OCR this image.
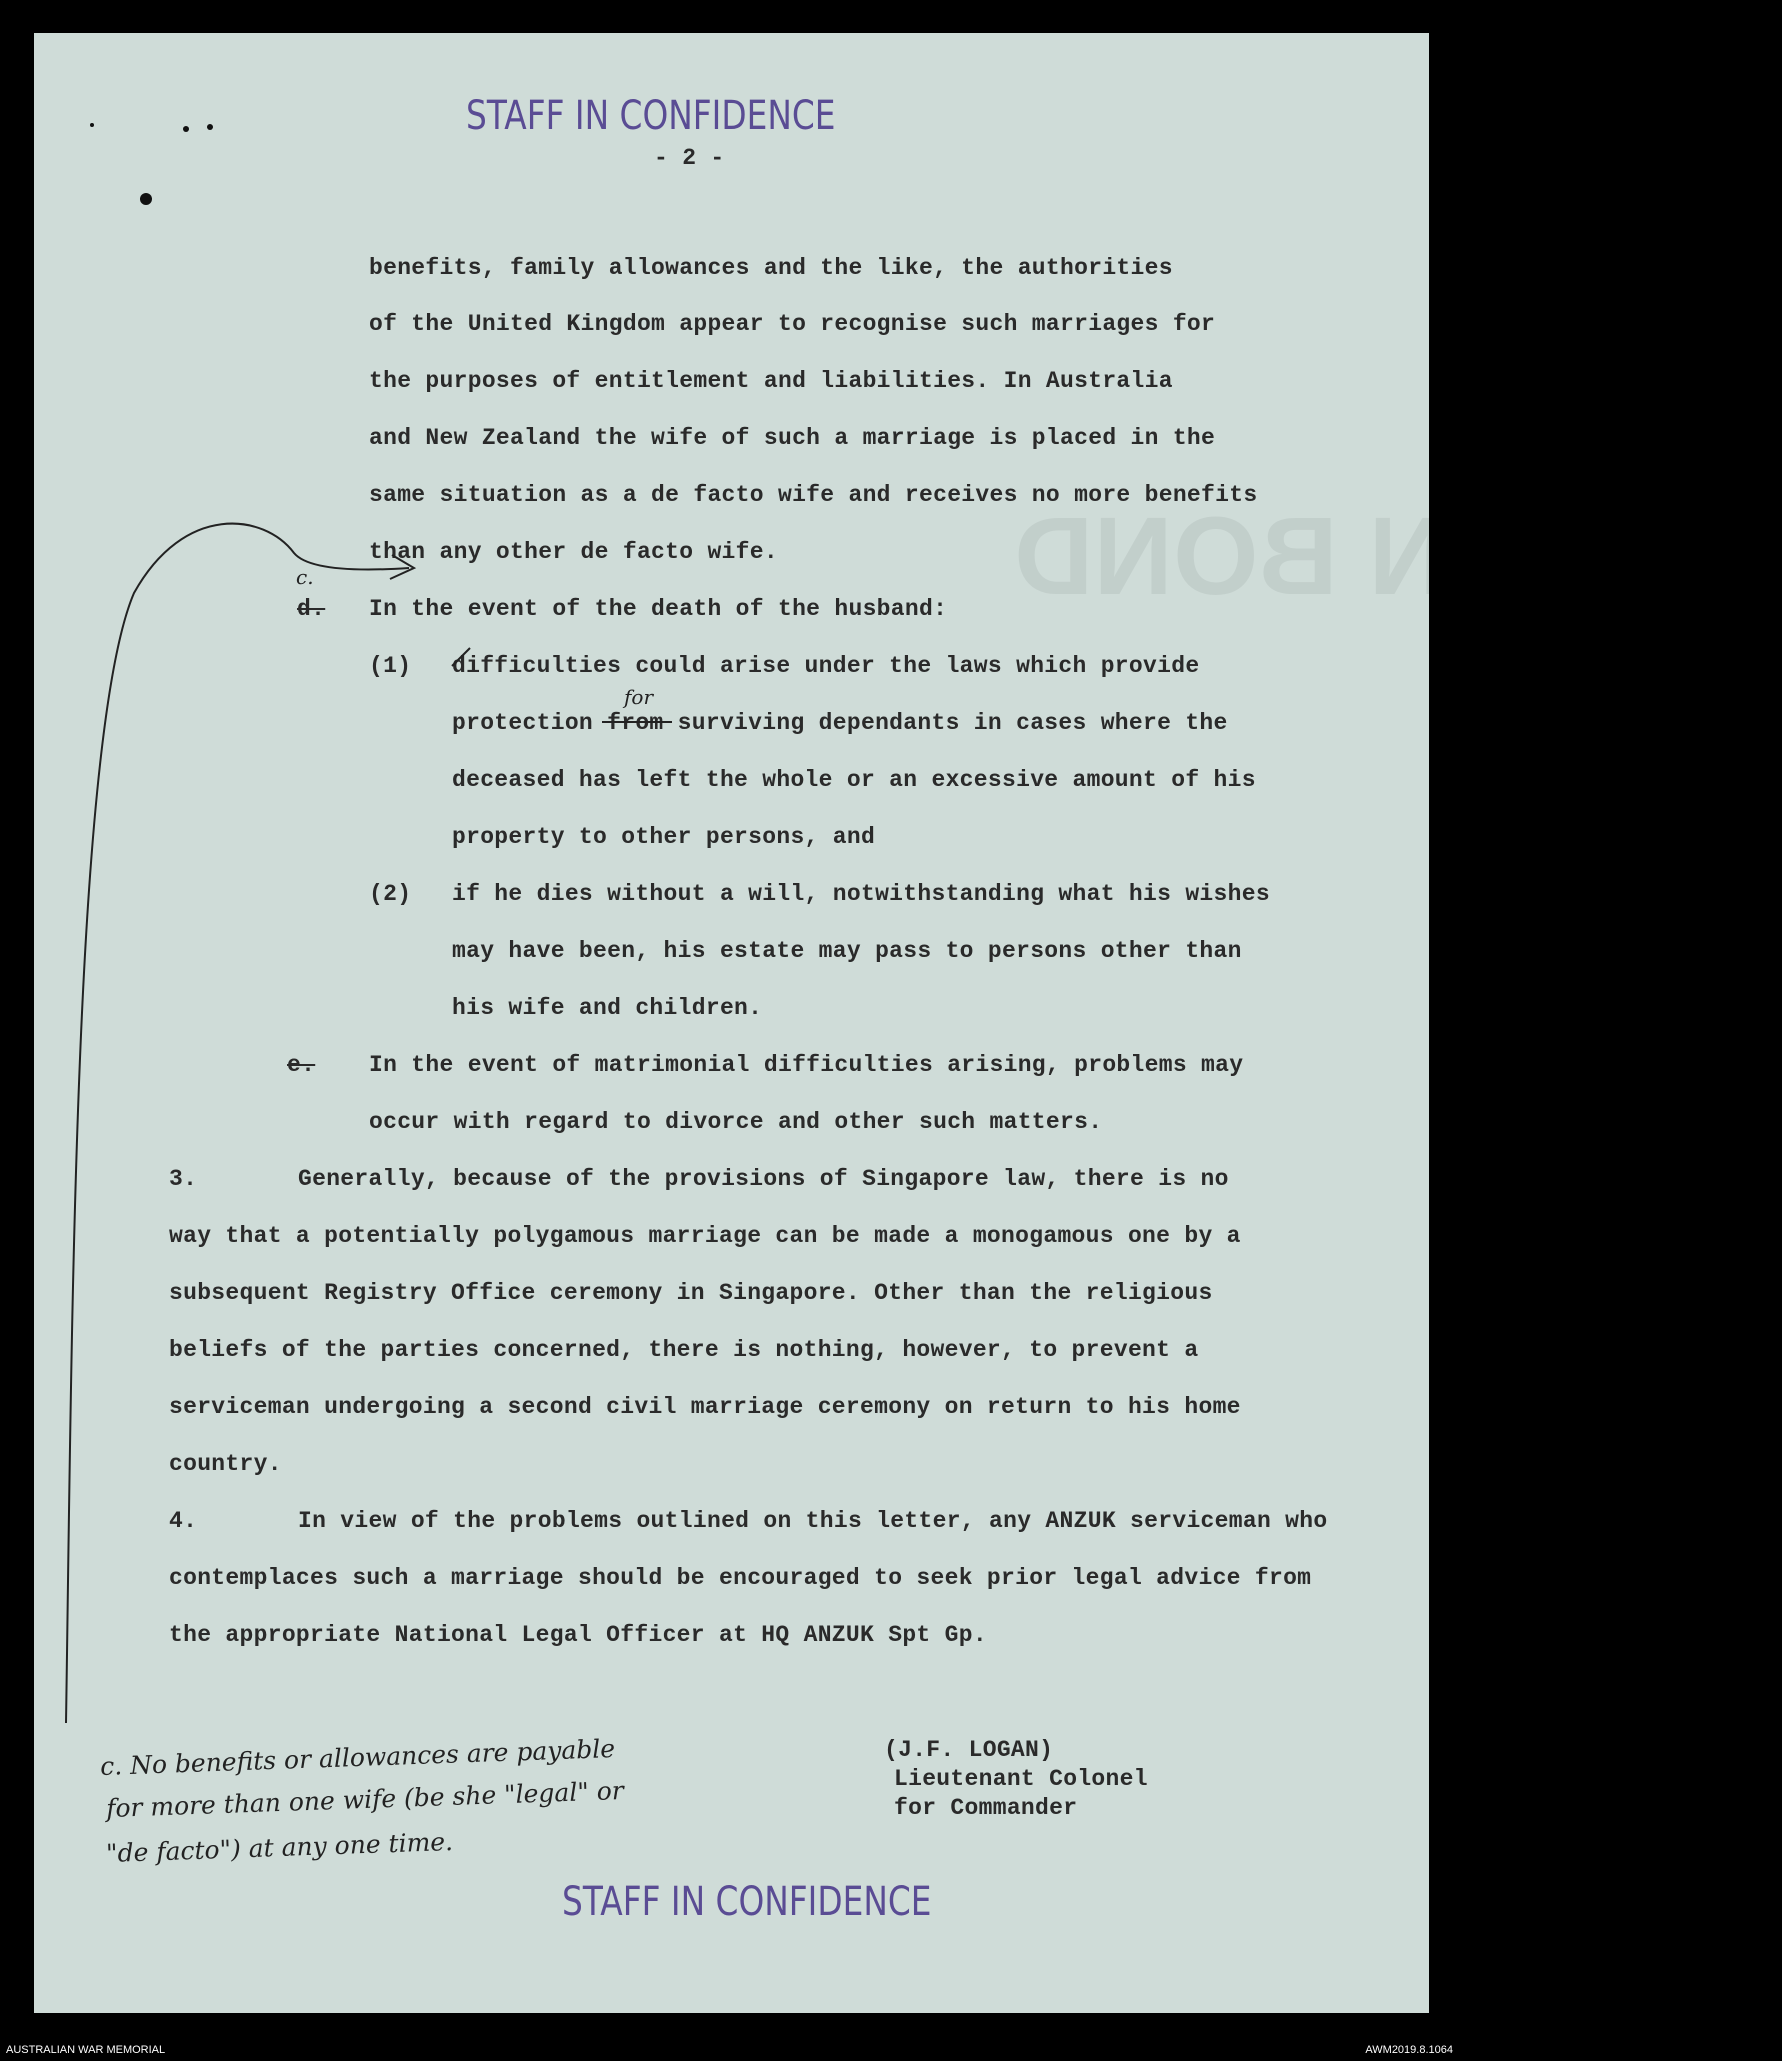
RATION BOND
STAFF IN CONFIDENCE
- 2 -
benefits, family allowances and the like, the authorities
of the United Kingdom appear to recognise such marriages for
the purposes of entitlement and liabilities. In Australia
and New Zealand the wife of such a marriage is placed in the
same situation as a de facto wife and receives no more benefits
than any other de facto wife.
c.
d. In the event of the death of the husband:
(1) difficulties could arise under the laws which provide
for
protection from surviving dependants in cases where the
deceased has left the whole or an excessive amount of his
property to other persons, and
(2) if he dies without a will, notwithstanding what his wishes
may have been, his estate may pass to persons other than
his wife and children.
e. In the event of matrimonial difficulties arising, problems may
occur with regard to divorce and other such matters.
3.	Generally, because of the provisions of Singapore law, there is no
way that a potentially polygamous marriage can be made a monogamous one by a
subsequent Registry Office ceremony in Singapore. Other than the religious
beliefs of the parties concerned, there is nothing, however, to prevent a
serviceman undergoing a second civil marriage ceremony on return to his home
country.
4.	In view of the problems outlined on this letter, any ANZUK serviceman who
contemplaces such a marriage should be encouraged to seek prior legal advice from
the appropriate National Legal Officer at HQ ANZUK Spt Gp.
c. No benefits or allowances are payable
for more than one wife (be she "legal" or
"de facto") at any one time.
(J.F. LOGAN)
Lieutenant Colonel
for Commander
STAFF IN CONFIDENCE
AUSTRALIAN WAR MEMORIAL	AWM2019.8.1064
